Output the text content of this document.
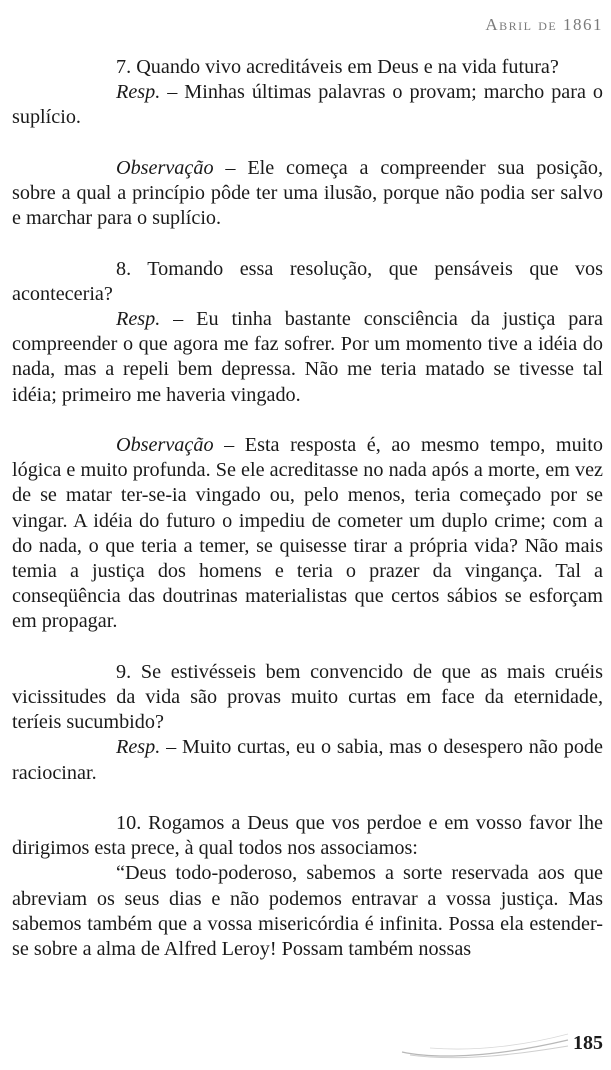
Abril de 1861

7. Quando vivo acreditáveis em Deus e na vida futura?

Resp. – Minhas últimas palavras o provam; marcho para o suplício.

Observação – Ele começa a compreender sua posição, sobre a qual a princípio pôde ter uma ilusão, porque não podia ser salvo e marchar para o suplício.

8. Tomando essa resolução, que pensáveis que vos aconteceria?

Resp. – Eu tinha bastante consciência da justiça para compreender o que agora me faz sofrer. Por um momento tive a idéia do nada, mas a repeli bem depressa. Não me teria matado se tivesse tal idéia; primeiro me haveria vingado.

Observação – Esta resposta é, ao mesmo tempo, muito lógica e muito profunda. Se ele acreditasse no nada após a morte, em vez de se matar ter-se-ia vingado ou, pelo menos, teria começado por se vingar. A idéia do futuro o impediu de cometer um duplo crime; com a do nada, o que teria a temer, se quisesse tirar a própria vida? Não mais temia a justiça dos homens e teria o prazer da vingança. Tal a conseqüência das doutrinas materialistas que certos sábios se esforçam em propagar.

9. Se estivésseis bem convencido de que as mais cruéis vicissitudes da vida são provas muito curtas em face da eternidade, teríeis sucumbido?

Resp. – Muito curtas, eu o sabia, mas o desespero não pode raciocinar.

10. Rogamos a Deus que vos perdoe e em vosso favor lhe dirigimos esta prece, à qual todos nos associamos:

“Deus todo-poderoso, sabemos a sorte reservada aos que abreviam os seus dias e não podemos entravar a vossa justiça. Mas sabemos também que a vossa misericórdia é infinita. Possa ela estender-se sobre a alma de Alfred Leroy! Possam também nossas

185
